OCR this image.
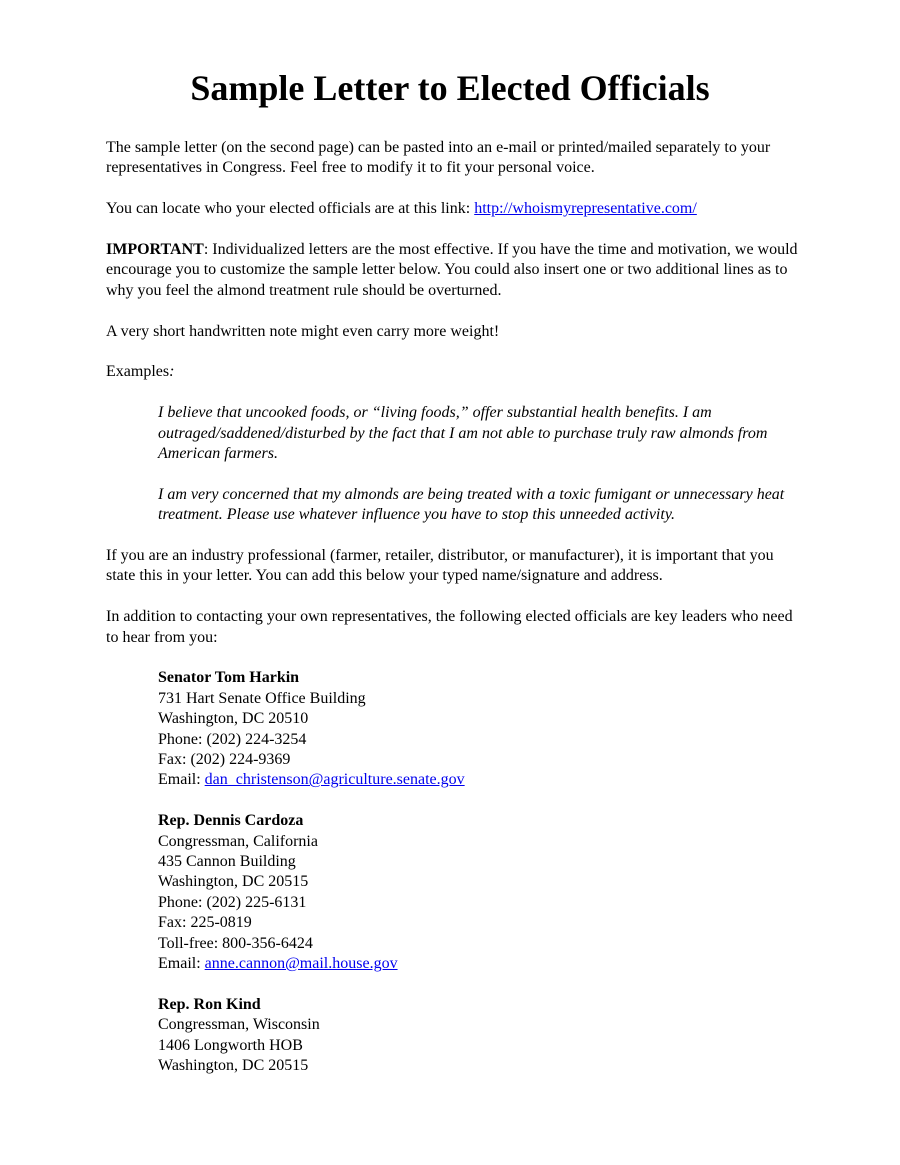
Sample Letter to Elected Officials

The sample letter (on the second page) can be pasted into an e-mail or printed/mailed separately to your representatives in Congress. Feel free to modify it to fit your personal voice.

You can locate who your elected officials are at this link: http://whoismyrepresentative.com/

IMPORTANT: Individualized letters are the most effective. If you have the time and motivation, we would encourage you to customize the sample letter below. You could also insert one or two additional lines as to why you feel the almond treatment rule should be overturned.

A very short handwritten note might even carry more weight!

Examples:

I believe that uncooked foods, or “living foods,” offer substantial health benefits. I am outraged/saddened/disturbed by the fact that I am not able to purchase truly raw almonds from American farmers.

I am very concerned that my almonds are being treated with a toxic fumigant or unnecessary heat treatment. Please use whatever influence you have to stop this unneeded activity.

If you are an industry professional (farmer, retailer, distributor, or manufacturer), it is important that you state this in your letter. You can add this below your typed name/signature and address.

In addition to contacting your own representatives, the following elected officials are key leaders who need to hear from you:

Senator Tom Harkin
731 Hart Senate Office Building
Washington, DC 20510
Phone: (202) 224-3254
Fax: (202) 224-9369
Email: dan_christenson@agriculture.senate.gov
Rep. Dennis Cardoza
Congressman, California
435 Cannon Building
Washington, DC 20515
Phone: (202) 225-6131
Fax: 225-0819
Toll-free: 800-356-6424
Email: anne.cannon@mail.house.gov
Rep. Ron Kind
Congressman, Wisconsin
1406 Longworth HOB
Washington, DC 20515
